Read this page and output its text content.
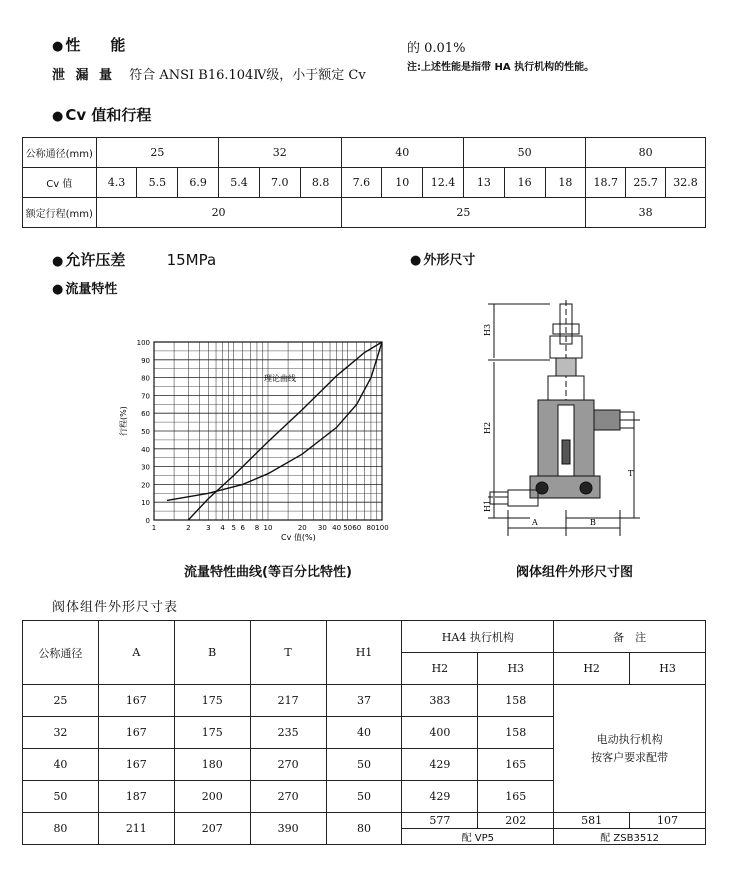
● 性　　能
泄 漏 量 符合 ANSI B16.104Ⅳ级，小于额定 Cv
的 0.01%
注:上述性能是指带 HA 执行机构的性能。
● Cv 值和行程
公称通径(mm)	25			32			40			50			80		
Cv 值	4.3	5.5	6.9	5.4	7.0	8.8	7.6	10	12.4	13	16	18	18.7	25.7	32.8
额定行程(mm)	20						25						38		
● 允许压差	15MPa
● 流量特性
● 外形尺寸
0
10
20
30
40
50
60
70
80
90
100
1	2 3 4 5 6 8 10	20 30 40 50 60 80 100
理论曲线
Cv 值(%)
行程(%)
流量特性曲线(等百分比特性)
H3
H2
H1
T
A	B
阀体组件外形尺寸图
阀体组件外形尺寸表
公称通径	A	B	T	H1	HA4 执行机构		备　注	
					H2	H3	H2	H3
25	167	175	217	37	383	158	电动执行机构
按客户要求配带	

32	167	175	235	40	400	158		
40	167	180	270	50	429	165		
50	187	200	270	50	429	165		
80	211	207	390	80	577	202	581	107
					配 VP5		配 ZSB3512	
